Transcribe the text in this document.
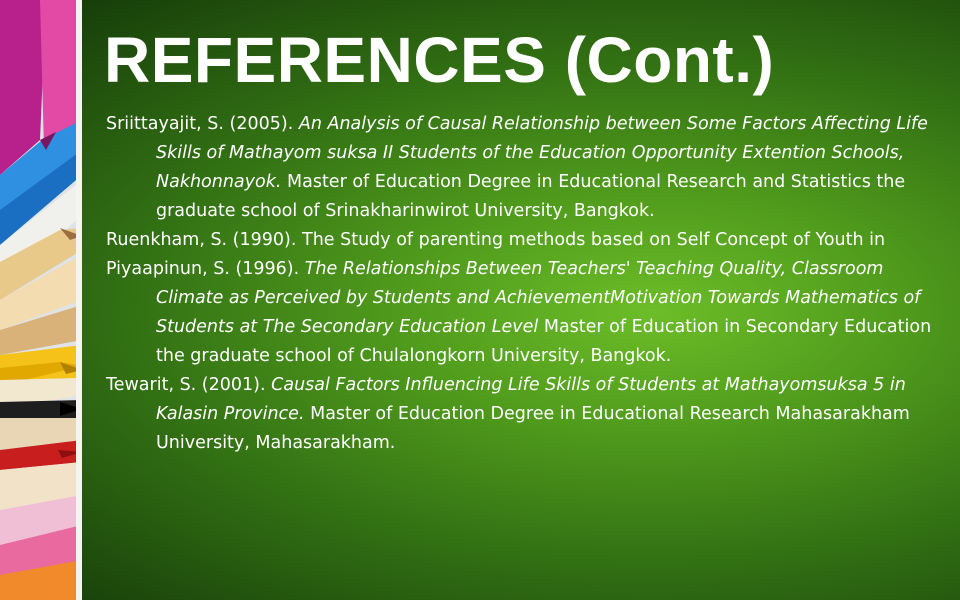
REFERENCES (Cont.)
Sriittayajit, S. (2005). An Analysis of Causal Relationship between Some Factors Affecting Life Skills of Mathayom suksa II Students of the Education Opportunity Extention Schools, Nakhonnayok. Master of Education Degree in Educational Research and Statistics the graduate school of Srinakharinwirot University, Bangkok.
Ruenkham, S. (1990). The Study of parenting methods based on Self Concept of Youth in
Piyaapinun, S. (1996). The Relationships Between Teachers' Teaching Quality, Classroom Climate as Perceived by Students and AchievementMotivation Towards Mathematics of Students at The Secondary Education Level Master of Education in Secondary Education the graduate school of Chulalongkorn University, Bangkok.
Tewarit, S. (2001). Causal Factors Influencing Life Skills of Students at Mathayomsuksa 5 in Kalasin Province. Master of Education Degree in Educational Research Mahasarakham University, Mahasarakham.
